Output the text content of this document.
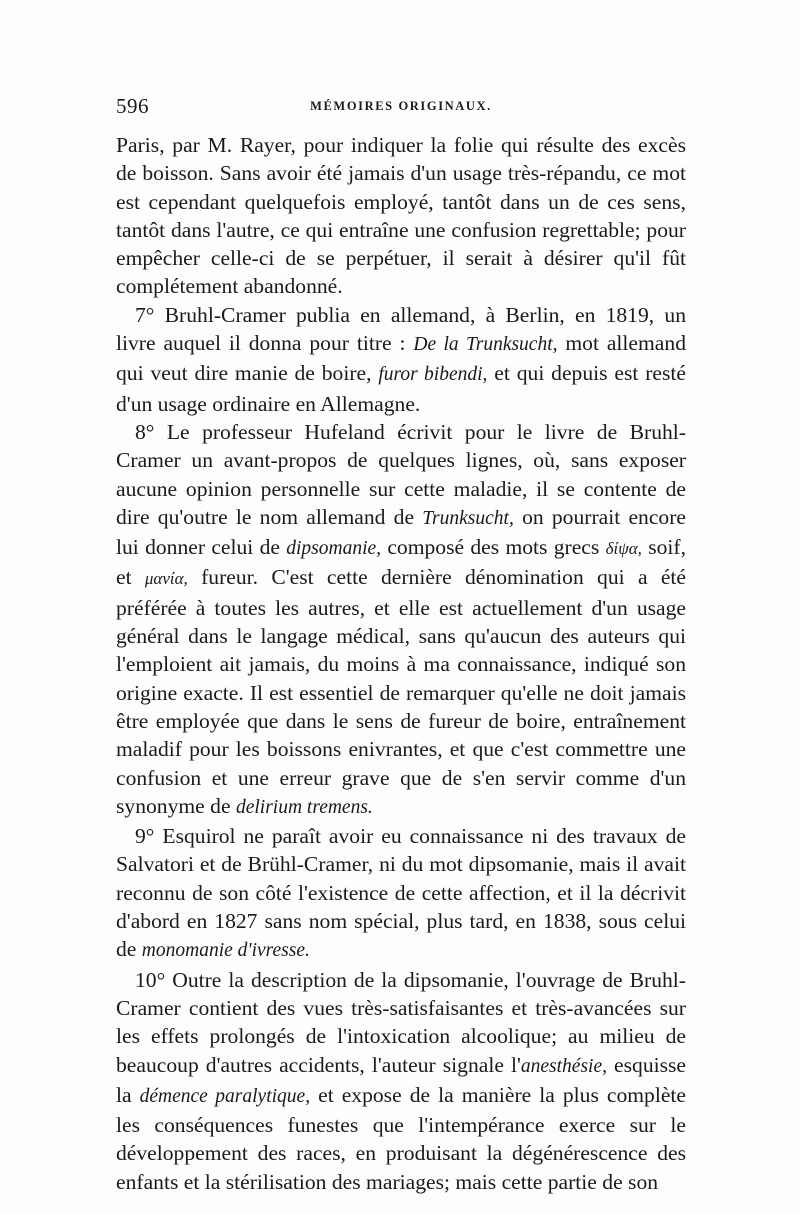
596	MÉMOIRES ORIGINAUX.

Paris, par M. Rayer, pour indiquer la folie qui résulte des excès de boisson. Sans avoir été jamais d'un usage très-répandu, ce mot est cependant quelquefois employé, tantôt dans un de ces sens, tantôt dans l'autre, ce qui entraîne une confusion regrettable; pour empêcher celle-ci de se perpétuer, il serait à désirer qu'il fût complétement abandonné.

7° Bruhl-Cramer publia en allemand, à Berlin, en 1819, un livre auquel il donna pour titre : De la Trunksucht, mot allemand qui veut dire manie de boire, furor bibendi, et qui depuis est resté d'un usage ordinaire en Allemagne.

8° Le professeur Hufeland écrivit pour le livre de Bruhl-Cramer un avant-propos de quelques lignes, où, sans exposer aucune opinion personnelle sur cette maladie, il se contente de dire qu'outre le nom allemand de Trunksucht, on pourrait encore lui donner celui de dipsomanie, composé des mots grecs δίψα, soif, et μανία, fureur. C'est cette dernière dénomination qui a été préférée à toutes les autres, et elle est actuellement d'un usage général dans le langage médical, sans qu'aucun des auteurs qui l'emploient ait jamais, du moins à ma connaissance, indiqué son origine exacte. Il est essentiel de remarquer qu'elle ne doit jamais être employée que dans le sens de fureur de boire, entraînement maladif pour les boissons enivrantes, et que c'est commettre une confusion et une erreur grave que de s'en servir comme d'un synonyme de delirium tremens.

9° Esquirol ne paraît avoir eu connaissance ni des travaux de Salvatori et de Brühl-Cramer, ni du mot dipsomanie, mais il avait reconnu de son côté l'existence de cette affection, et il la décrivit d'abord en 1827 sans nom spécial, plus tard, en 1838, sous celui de monomanie d'ivresse.

10° Outre la description de la dipsomanie, l'ouvrage de Bruhl-Cramer contient des vues très-satisfaisantes et très-avancées sur les effets prolongés de l'intoxication alcoolique; au milieu de beaucoup d'autres accidents, l'auteur signale l'anesthésie, esquisse la démence paralytique, et expose de la manière la plus complète les conséquences funestes que l'intempérance exerce sur le développement des races, en produisant la dégénérescence des enfants et la stérilisation des mariages; mais cette partie de son
